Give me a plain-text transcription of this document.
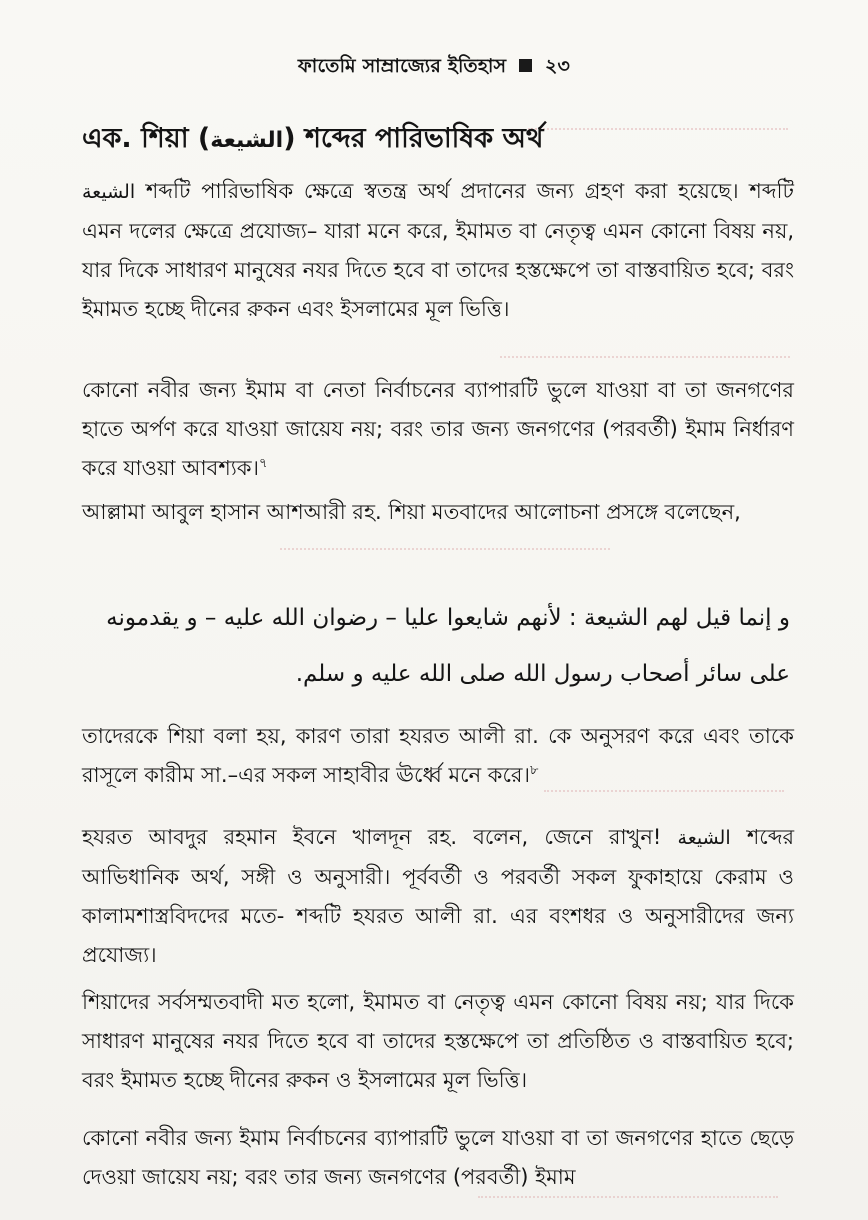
ফাতেমি সাম্রাজ্যের ইতিহাস ২৩
এক. শিয়া (الشيعة) শব্দের পারিভাষিক অর্থ
الشيعة শব্দটি পারিভাষিক ক্ষেত্রে স্বতন্ত্র অর্থ প্রদানের জন্য গ্রহণ করা হয়েছে। শব্দটি এমন দলের ক্ষেত্রে প্রযোজ্য– যারা মনে করে, ইমামত বা নেতৃত্ব এমন কোনো বিষয় নয়, যার দিকে সাধারণ মানুষের নযর দিতে হবে বা তাদের হস্তক্ষেপে তা বাস্তবায়িত হবে; বরং ইমামত হচ্ছে দীনের রুকন এবং ইসলামের মূল ভিত্তি।
কোনো নবীর জন্য ইমাম বা নেতা নির্বাচনের ব্যাপারটি ভুলে যাওয়া বা তা জনগণের হাতে অর্পণ করে যাওয়া জায়েয নয়; বরং তার জন্য জনগণের (পরবর্তী) ইমাম নির্ধারণ করে যাওয়া আবশ্যক।$^৭$
আল্লামা আবুল হাসান আশআরী রহ. শিয়া মতবাদের আলোচনা প্রসঙ্গে বলেছেন,
و إنما قيل لهم الشيعة : لأنهم شايعوا عليا – رضوان الله عليه – و يقدمونه
على سائر أصحاب رسول الله صلى الله عليه و سلم.
তাদেরকে শিয়া বলা হয়, কারণ তারা হযরত আলী রা. কে অনুসরণ করে এবং তাকে রাসূলে কারীম সা.–এর সকল সাহাবীর ঊর্ধ্বে মনে করে।$^৮$
হযরত আবদুর রহমান ইবনে খালদূন রহ. বলেন, জেনে রাখুন! الشيعة শব্দের আভিধানিক অর্থ, সঙ্গী ও অনুসারী। পূর্ববর্তী ও পরবর্তী সকল ফুকাহায়ে কেরাম ও কালামশাস্ত্রবিদদের মতে- শব্দটি হযরত আলী রা. এর বংশধর ও অনুসারীদের জন্য প্রযোজ্য।
শিয়াদের সর্বসম্মতবাদী মত হলো, ইমামত বা নেতৃত্ব এমন কোনো বিষয় নয়; যার দিকে সাধারণ মানুষের নযর দিতে হবে বা তাদের হস্তক্ষেপে তা প্রতিষ্ঠিত ও বাস্তবায়িত হবে; বরং ইমামত হচ্ছে দীনের রুকন ও ইসলামের মূল ভিত্তি।
কোনো নবীর জন্য ইমাম নির্বাচনের ব্যাপারটি ভুলে যাওয়া বা তা জনগণের হাতে ছেড়ে দেওয়া জায়েয নয়; বরং তার জন্য জনগণের (পরবর্তী) ইমাম
